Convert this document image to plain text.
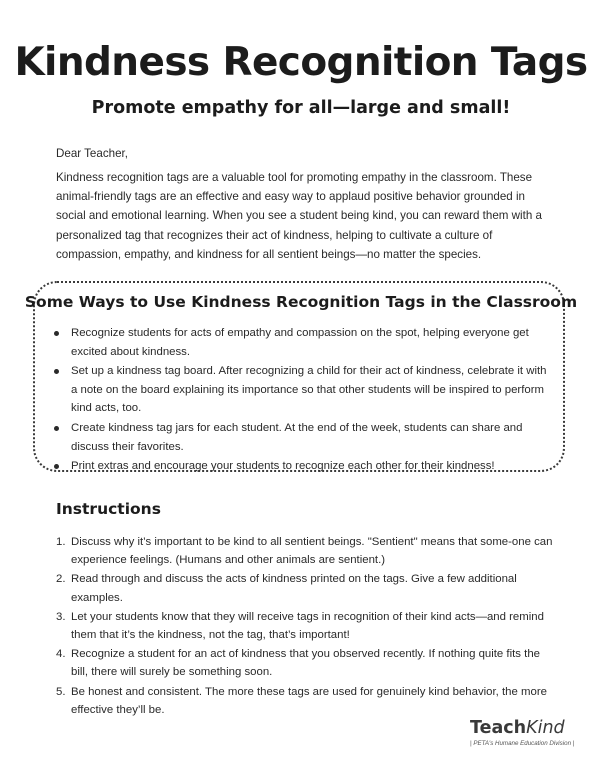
Kindness Recognition Tags
Promote empathy for all—large and small!
Dear Teacher,

Kindness recognition tags are a valuable tool for promoting empathy in the classroom. These animal-friendly tags are an effective and easy way to applaud positive behavior grounded in social and emotional learning. When you see a student being kind, you can reward them with a personalized tag that recognizes their act of kindness, helping to cultivate a culture of compassion, empathy, and kindness for all sentient beings—no matter the species.

Some Ways to Use Kindness Recognition Tags in the Classroom
Recognize students for acts of empathy and compassion on the spot, helping everyone get excited about kindness.
Set up a kindness tag board. After recognizing a child for their act of kindness, celebrate it with a note on the board explaining its importance so that other students will be inspired to perform kind acts, too.
Create kindness tag jars for each student. At the end of the week, students can share and discuss their favorites.
Print extras and encourage your students to recognize each other for their kindness!
Instructions
1. Discuss why it’s important to be kind to all sentient beings. "Sentient" means that some-one can experience feelings. (Humans and other animals are sentient.)
2. Read through and discuss the acts of kindness printed on the tags. Give a few additional examples.
3. Let your students know that they will receive tags in recognition of their kind acts—and remind them that it’s the kindness, not the tag, that’s important!
4. Recognize a student for an act of kindness that you observed recently. If nothing quite fits the bill, there will surely be something soon.
5. Be honest and consistent. The more these tags are used for genuinely kind behavior, the more effective they’ll be.
TeachKind
| PETA's Humane Education Division |
